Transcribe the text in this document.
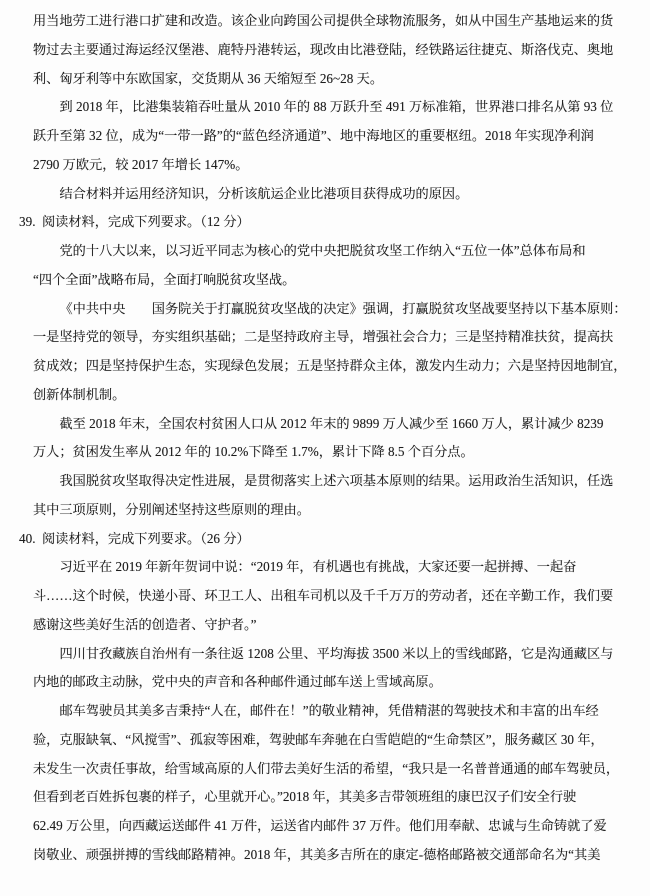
用当地劳工进行港口扩建和改造。该企业向跨国公司提供全球物流服务，如从中国生产基地运来的货
物过去主要通过海运经汉堡港、鹿特丹港转运，现改由比港登陆，经铁路运往捷克、斯洛伐克、奥地
利、匈牙利等中东欧国家，交货期从 36 天缩短至 26~28 天。
到 2018 年，比港集装箱吞吐量从 2010 年的 88 万跃升至 491 万标准箱，世界港口排名从第 93 位
跃升至第 32 位，成为“一带一路”的“蓝色经济通道”、地中海地区的重要枢纽。2018 年实现净利润
2790 万欧元，较 2017 年增长 147%。
结合材料并运用经济知识，分析该航运企业比港项目获得成功的原因。
39. 阅读材料，完成下列要求。（12 分）
党的十八大以来，以习近平同志为核心的党中央把脱贫攻坚工作纳入“五位一体”总体布局和
“四个全面”战略布局，全面打响脱贫攻坚战。
《中共中央　　国务院关于打赢脱贫攻坚战的决定》强调，打赢脱贫攻坚战要坚持以下基本原则：
一是坚持党的领导，夯实组织基础；二是坚持政府主导，增强社会合力；三是坚持精准扶贫，提高扶
贫成效；四是坚持保护生态，实现绿色发展；五是坚持群众主体，激发内生动力；六是坚持因地制宜，
创新体制机制。
截至 2018 年末，全国农村贫困人口从 2012 年末的 9899 万人减少至 1660 万人，累计减少 8239
万人；贫困发生率从 2012 年的 10.2%下降至 1.7%，累计下降 8.5 个百分点。
我国脱贫攻坚取得决定性进展，是贯彻落实上述六项基本原则的结果。运用政治生活知识，任选
其中三项原则，分别阐述坚持这些原则的理由。
40. 阅读材料，完成下列要求。（26 分）
习近平在 2019 年新年贺词中说：“2019 年，有机遇也有挑战，大家还要一起拼搏、一起奋
斗……这个时候，快递小哥、环卫工人、出租车司机以及千千万万的劳动者，还在辛勤工作，我们要
感谢这些美好生活的创造者、守护者。”
四川甘孜藏族自治州有一条往返 1208 公里、平均海拔 3500 米以上的雪线邮路，它是沟通藏区与
内地的邮政主动脉，党中央的声音和各种邮件通过邮车送上雪域高原。
邮车驾驶员其美多吉秉持“人在，邮件在！”的敬业精神，凭借精湛的驾驶技术和丰富的出车经
验，克服缺氧、“风搅雪”、孤寂等困难，驾驶邮车奔驰在白雪皑皑的“生命禁区”，服务藏区 30 年，
未发生一次责任事故，给雪域高原的人们带去美好生活的希望，“我只是一名普普通通的邮车驾驶员，
但看到老百姓拆包裹的样子，心里就开心。”2018 年，其美多吉带领班组的康巴汉子们安全行驶
62.49 万公里，向西藏运送邮件 41 万件，运送省内邮件 37 万件。他们用奉献、忠诚与生命铸就了爱
岗敬业、顽强拼搏的雪线邮路精神。2018 年，其美多吉所在的康定-德格邮路被交通部命名为“其美
